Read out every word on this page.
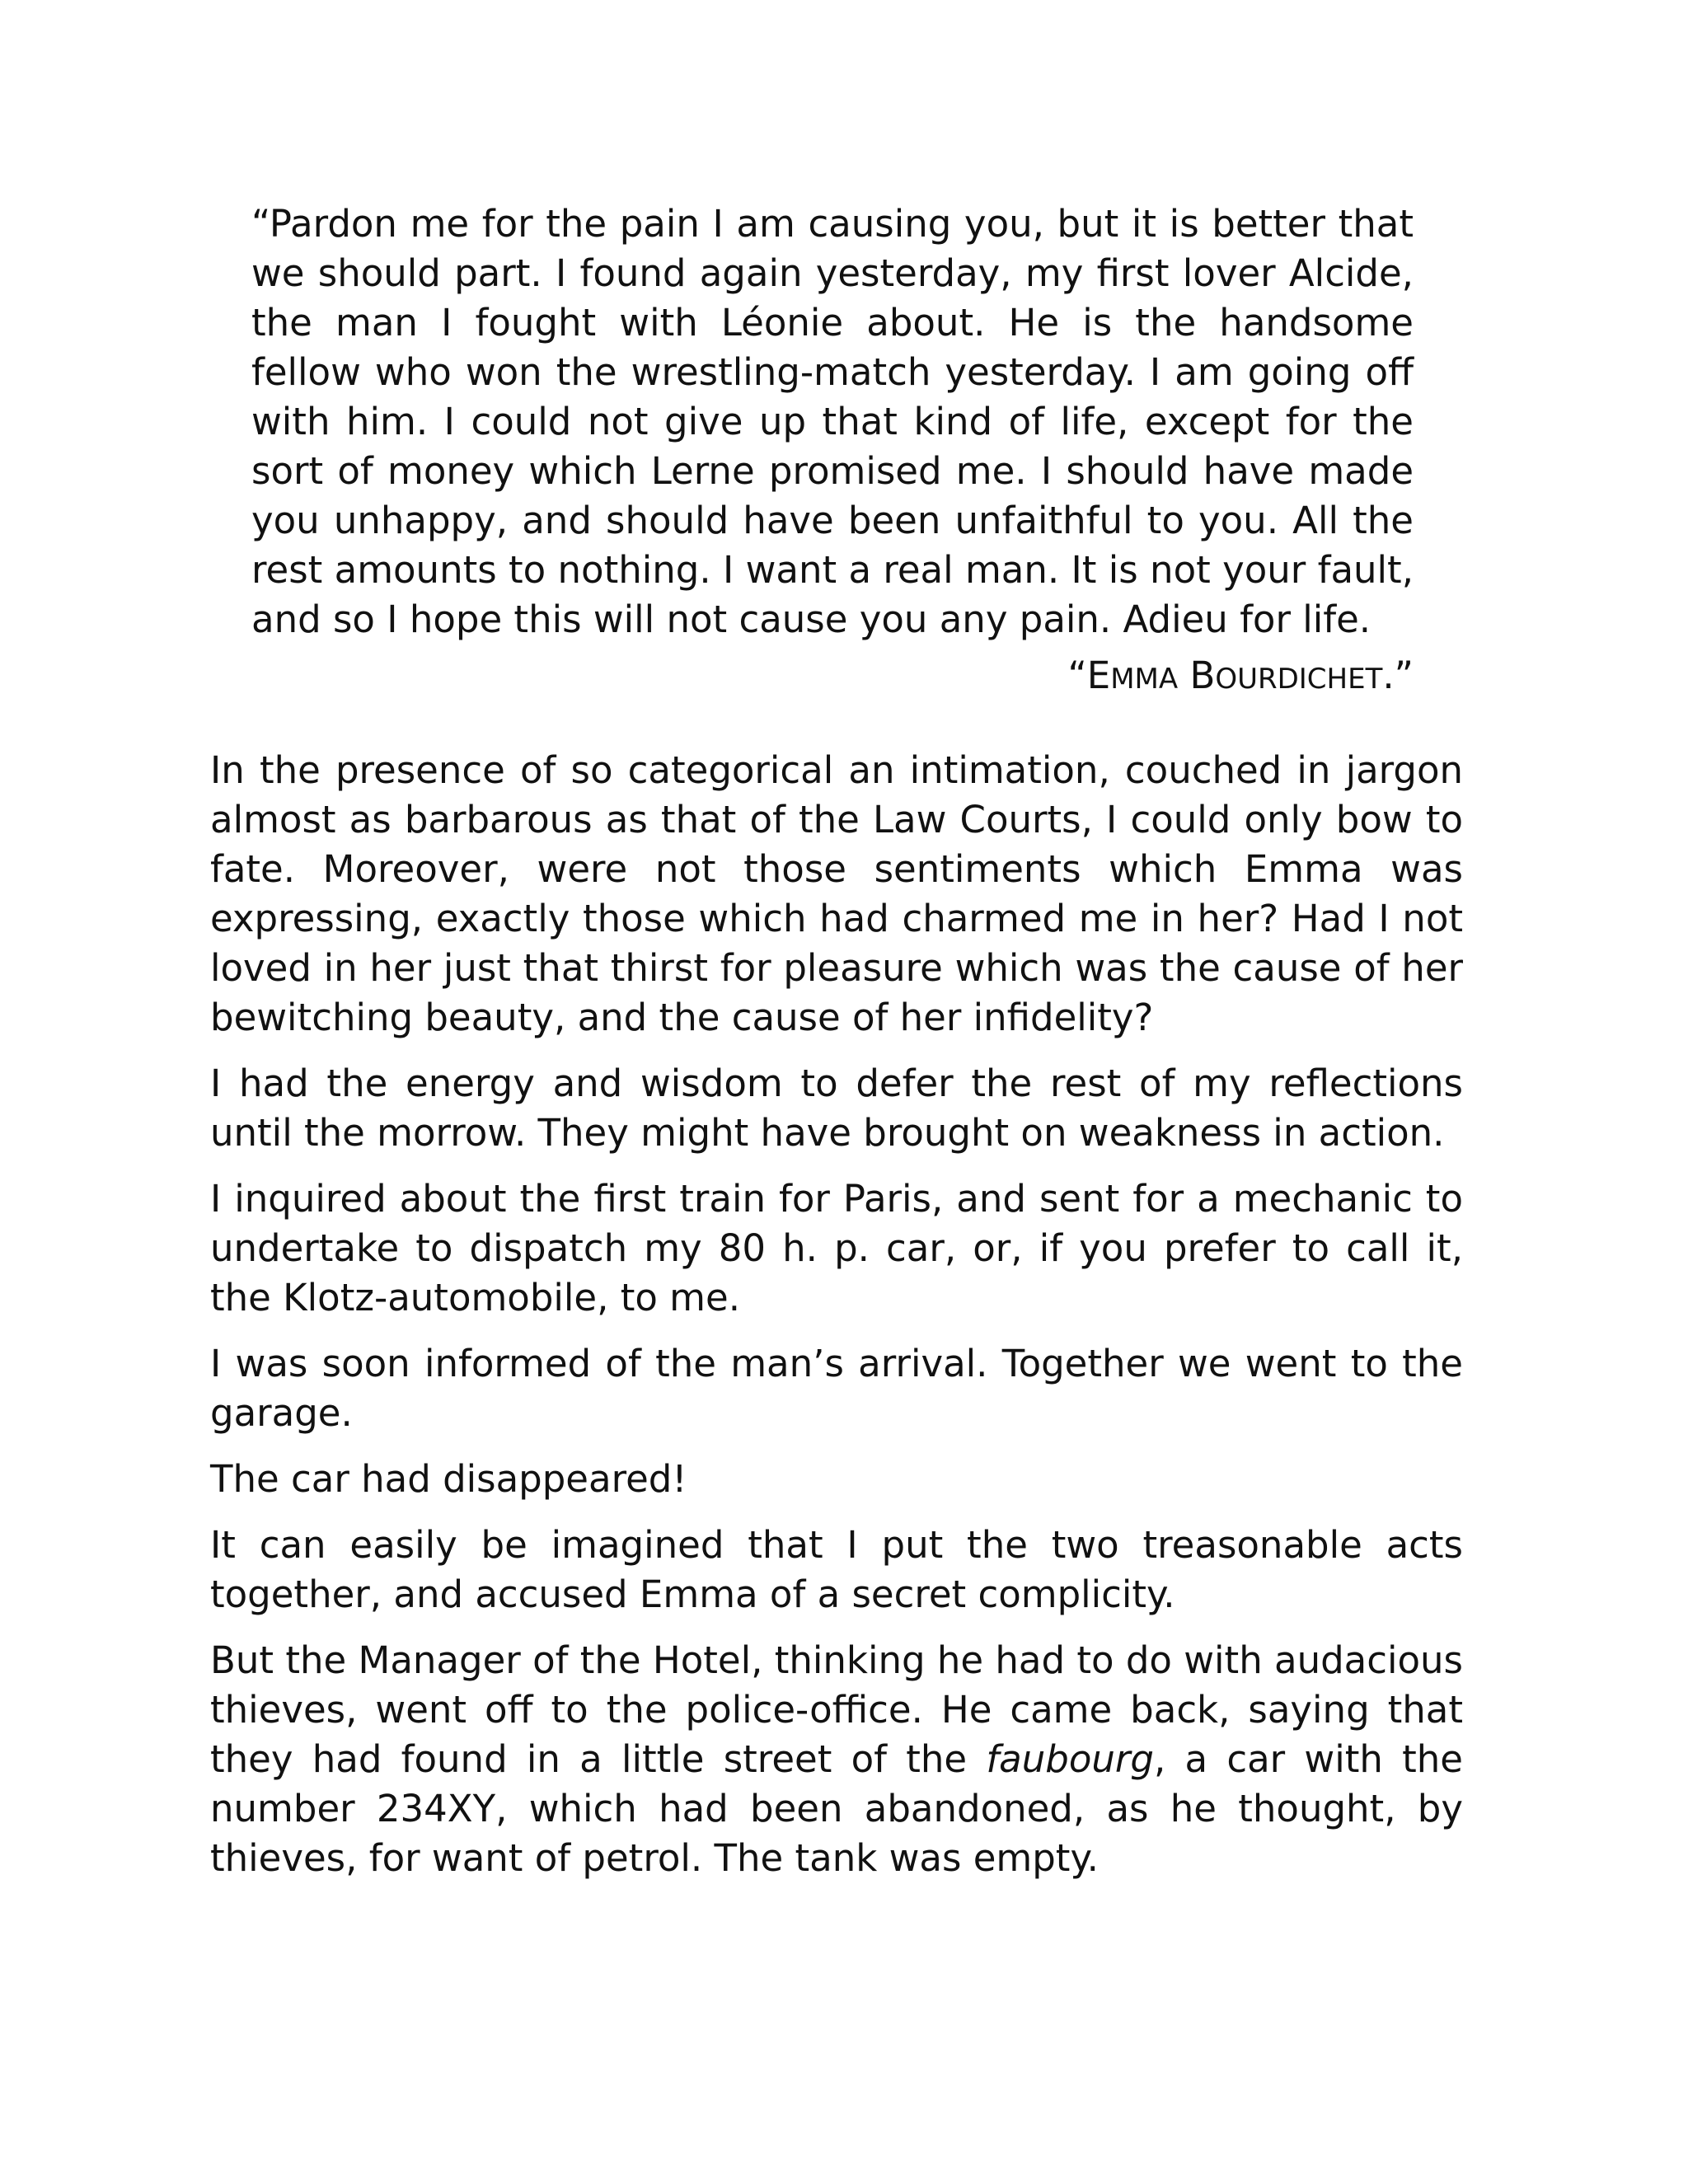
“Pardon me for the pain I am causing you, but it is better that we should part. I found again yesterday, my first lover Alcide, the man I fought with Léonie about. He is the handsome fellow who won the wrestling-match yesterday. I am going off with him. I could not give up that kind of life, except for the sort of money which Lerne promised me. I should have made you unhappy, and should have been unfaithful to you. All the rest amounts to nothing. I want a real man. It is not your fault, and so I hope this will not cause you any pain. Adieu for life.

“EMMA BOURDICHET.”

In the presence of so categorical an intimation, couched in jargon almost as barbarous as that of the Law Courts, I could only bow to fate. Moreover, were not those sentiments which Emma was expressing, exactly those which had charmed me in her? Had I not loved in her just that thirst for pleasure which was the cause of her bewitching beauty, and the cause of her infidelity?

I had the energy and wisdom to defer the rest of my reflections until the morrow. They might have brought on weakness in action.

I inquired about the first train for Paris, and sent for a mechanic to undertake to dispatch my 80 h. p. car, or, if you prefer to call it, the Klotz-automobile, to me.

I was soon informed of the man’s arrival. Together we went to the garage.

The car had disappeared!

It can easily be imagined that I put the two treasonable acts together, and accused Emma of a secret complicity.

But the Manager of the Hotel, thinking he had to do with audacious thieves, went off to the police-office. He came back, saying that they had found in a little street of the faubourg, a car with the number 234XY, which had been abandoned, as he thought, by thieves, for want of petrol. The tank was empty.
